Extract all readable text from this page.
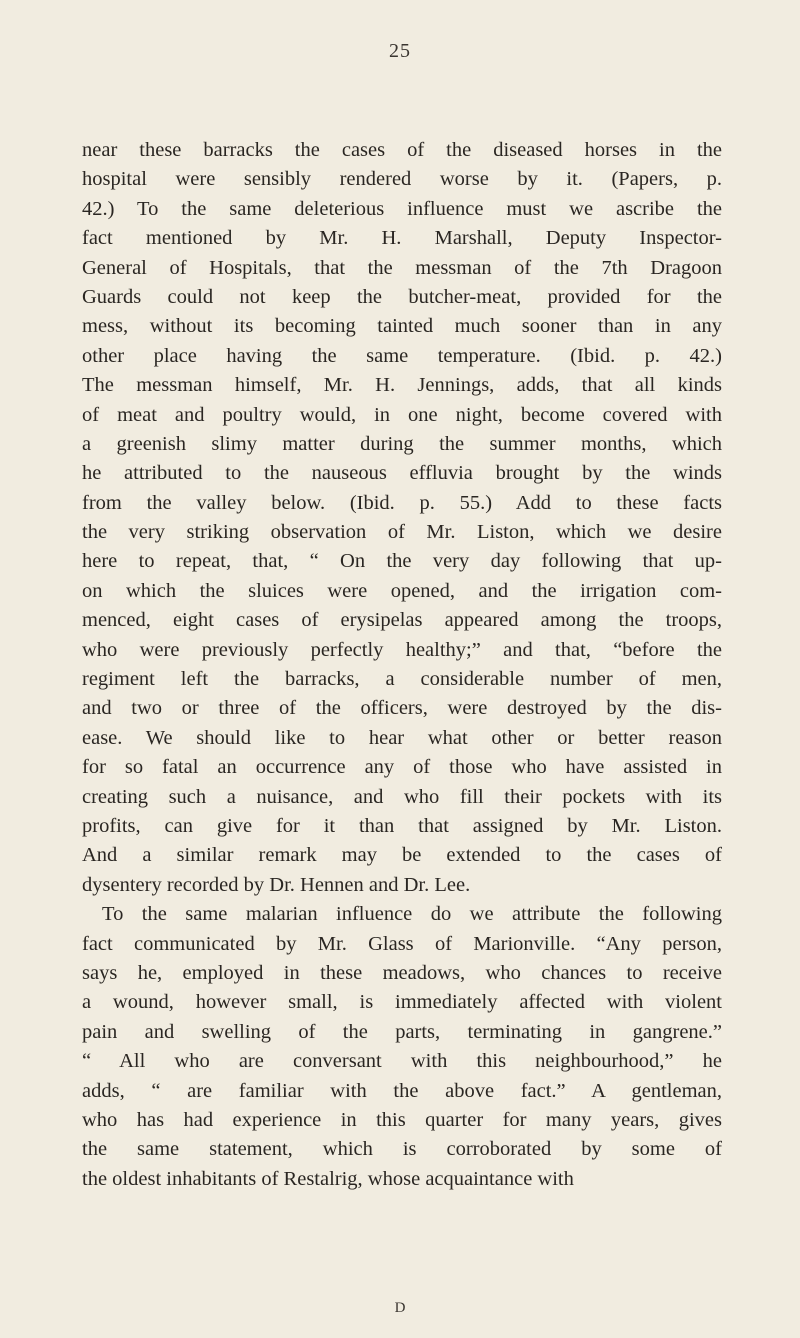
25
near these barracks the cases of the diseased horses in the
hospital were sensibly rendered worse by it. (Papers, p.
42.) To the same deleterious influence must we ascribe the
fact mentioned by Mr. H. Marshall, Deputy Inspector-
General of Hospitals, that the messman of the 7th Dragoon
Guards could not keep the butcher-meat, provided for the
mess, without its becoming tainted much sooner than in any
other place having the same temperature. (Ibid. p. 42.)
The messman himself, Mr. H. Jennings, adds, that all kinds
of meat and poultry would, in one night, become covered with
a greenish slimy matter during the summer months, which
he attributed to the nauseous effluvia brought by the winds
from the valley below. (Ibid. p. 55.) Add to these facts
the very striking observation of Mr. Liston, which we desire
here to repeat, that, “ On the very day following that up-
on which the sluices were opened, and the irrigation com-
menced, eight cases of erysipelas appeared among the troops,
who were previously perfectly healthy;” and that, “before the
regiment left the barracks, a considerable number of men,
and two or three of the officers, were destroyed by the dis-
ease. We should like to hear what other or better reason
for so fatal an occurrence any of those who have assisted in
creating such a nuisance, and who fill their pockets with its
profits, can give for it than that assigned by Mr. Liston.
And a similar remark may be extended to the cases of
dysentery recorded by Dr. Hennen and Dr. Lee.
To the same malarian influence do we attribute the following
fact communicated by Mr. Glass of Marionville. “Any person,
says he, employed in these meadows, who chances to receive
a wound, however small, is immediately affected with violent
pain and swelling of the parts, terminating in gangrene.”
“ All who are conversant with this neighbourhood,” he
adds, “ are familiar with the above fact.” A gentleman,
who has had experience in this quarter for many years, gives
the same statement, which is corroborated by some of
the oldest inhabitants of Restalrig, whose acquaintance with
D
